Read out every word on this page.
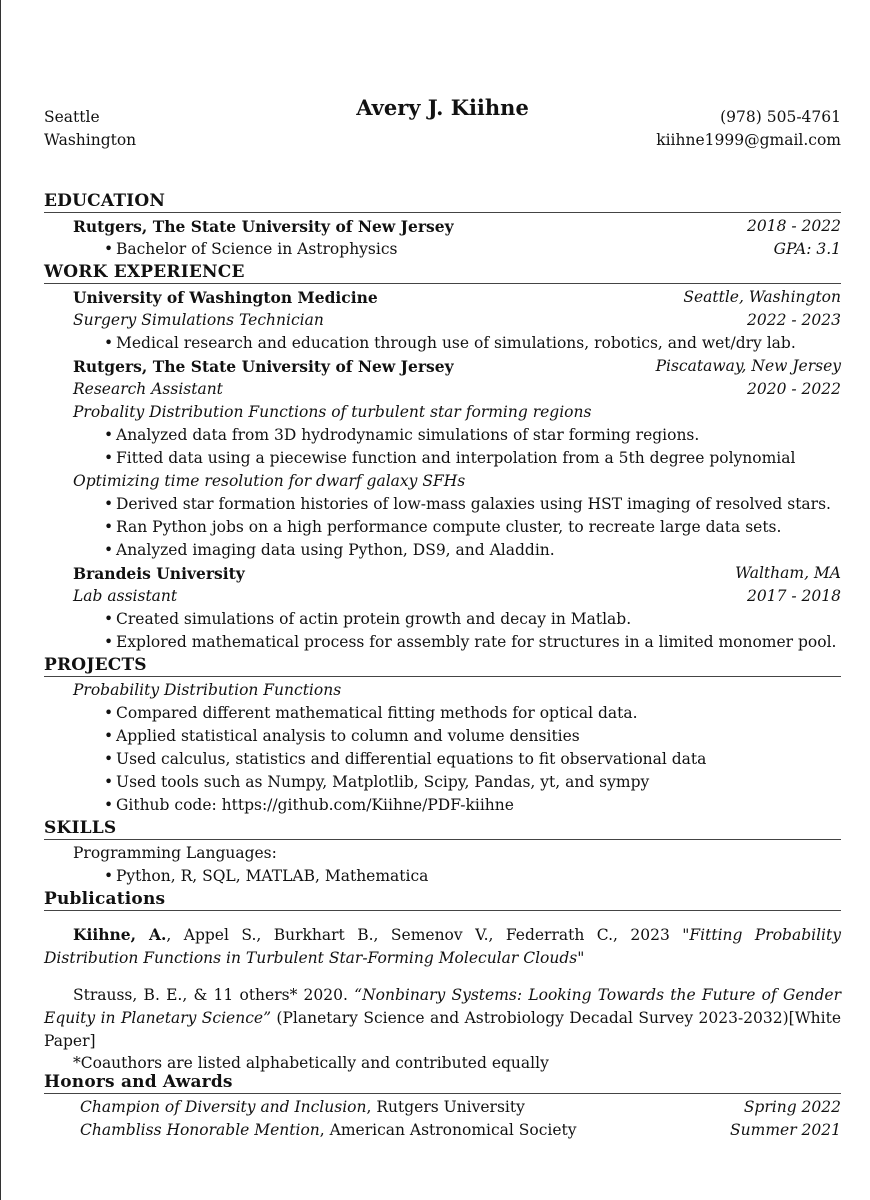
Avery J. Kiihne
Seattle
Washington
(978) 505-4761
kiihne1999@gmail.com
EDUCATION
Rutgers, The State University of New Jersey	2018 - 2022
• Bachelor of Science in Astrophysics	GPA: 3.1
WORK EXPERIENCE
University of Washington Medicine	Seattle, Washington
Surgery Simulations Technician	2022 - 2023
• Medical research and education through use of simulations, robotics, and wet/dry lab.
Rutgers, The State University of New Jersey	Piscataway, New Jersey
Research Assistant	2020 - 2022
Probality Distribution Functions of turbulent star forming regions
• Analyzed data from 3D hydrodynamic simulations of star forming regions.
• Fitted data using a piecewise function and interpolation from a 5th degree polynomial
Optimizing time resolution for dwarf galaxy SFHs
• Derived star formation histories of low-mass galaxies using HST imaging of resolved stars.
• Ran Python jobs on a high performance compute cluster, to recreate large data sets.
• Analyzed imaging data using Python, DS9, and Aladdin.
Brandeis University	Waltham, MA
Lab assistant	2017 - 2018
• Created simulations of actin protein growth and decay in Matlab.
• Explored mathematical process for assembly rate for structures in a limited monomer pool.
PROJECTS
Probability Distribution Functions
• Compared different mathematical fitting methods for optical data.
• Applied statistical analysis to column and volume densities
• Used calculus, statistics and differential equations to fit observational data
• Used tools such as Numpy, Matplotlib, Scipy, Pandas, yt, and sympy
• Github code: https://github.com/Kiihne/PDF-kiihne
SKILLS
Programming Languages:
• Python, R, SQL, MATLAB, Mathematica
Publications
Kiihne, A., Appel S., Burkhart B., Semenov V., Federrath C., 2023 "Fitting Probability Distribution Functions in Turbulent Star-Forming Molecular Clouds"
Strauss, B. E., & 11 others* 2020. “Nonbinary Systems: Looking Towards the Future of Gender Equity in Planetary Science” (Planetary Science and Astrobiology Decadal Survey 2023-2032)[White Paper]
*Coauthors are listed alphabetically and contributed equally
Honors and Awards
Champion of Diversity and Inclusion, Rutgers University	Spring 2022
Chambliss Honorable Mention, American Astronomical Society	Summer 2021
